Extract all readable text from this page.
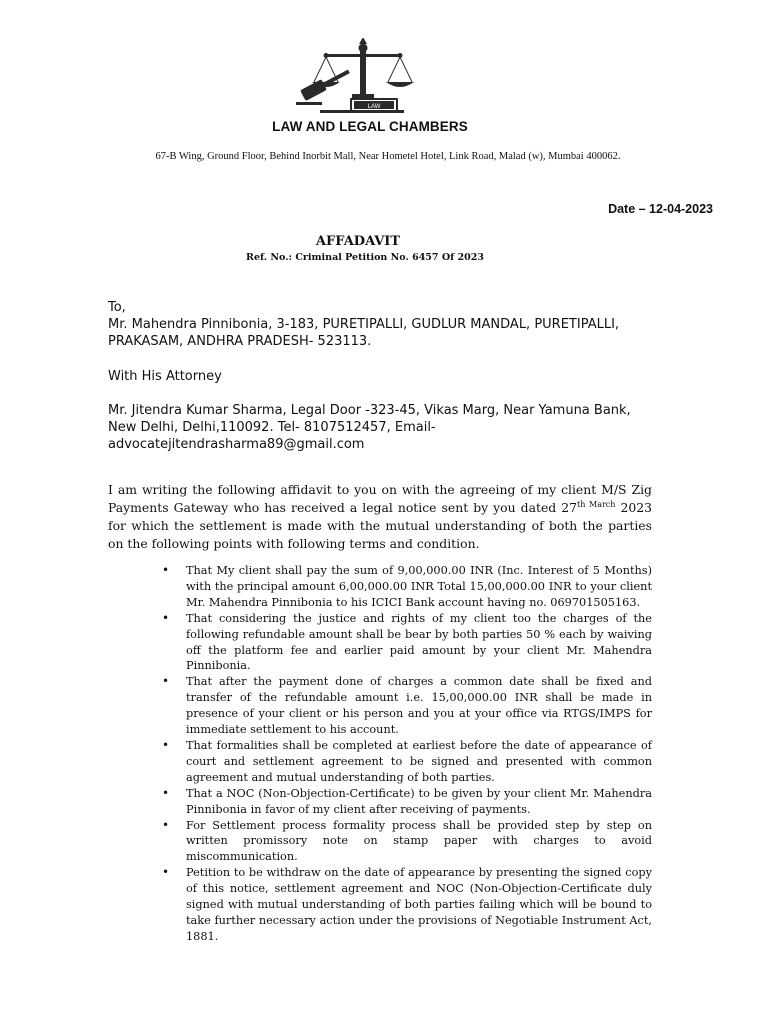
LAW
LAW AND LEGAL CHAMBERS
67-B Wing, Ground Floor, Behind Inorbit Mall, Near Hometel Hotel, Link Road, Malad (w), Mumbai 400062.
Date – 12-04-2023
AFFADAVIT
Ref. No.: Criminal Petition No. 6457 Of 2023
To,
Mr. Mahendra Pinnibonia, 3-183, PURETIPALLI, GUDLUR MANDAL, PURETIPALLI, PRAKASAM, ANDHRA PRADESH- 523113.
With His Attorney
Mr. Jitendra Kumar Sharma, Legal Door -323-45, Vikas Marg, Near Yamuna Bank, New Delhi, Delhi,110092. Tel- 8107512457, Email-advocatejitendrasharma89@gmail.com
I am writing the following affidavit to you on with the agreeing of my client M/S Zig Payments Gateway who has received a legal notice sent by you dated $27^{th March}$ 2023 for which the settlement is made with the mutual understanding of both the parties on the following points with following terms and condition.
• That My client shall pay the sum of 9,00,000.00 INR (Inc. Interest of 5 Months) with the principal amount 6,00,000.00 INR Total 15,00,000.00 INR to your client Mr. Mahendra Pinnibonia to his ICICI Bank account having no. 069701505163.
• That considering the justice and rights of my client too the charges of the following refundable amount shall be bear by both parties 50 % each by waiving off the platform fee and earlier paid amount by your client Mr. Mahendra Pinnibonia.
• That after the payment done of charges a common date shall be fixed and transfer of the refundable amount i.e. 15,00,000.00 INR shall be made in presence of your client or his person and you at your office via RTGS/IMPS for immediate settlement to his account.
• That formalities shall be completed at earliest before the date of appearance of court and settlement agreement to be signed and presented with common agreement and mutual understanding of both parties.
• That a NOC (Non-Objection-Certificate) to be given by your client Mr. Mahendra Pinnibonia in favor of my client after receiving of payments.
• For Settlement process formality process shall be provided step by step on written promissory note on stamp paper with charges to avoid miscommunication.
• Petition to be withdraw on the date of appearance by presenting the signed copy of this notice, settlement agreement and NOC (Non-Objection-Certificate duly signed with mutual understanding of both parties failing which will be bound to take further necessary action under the provisions of Negotiable Instrument Act, 1881.
